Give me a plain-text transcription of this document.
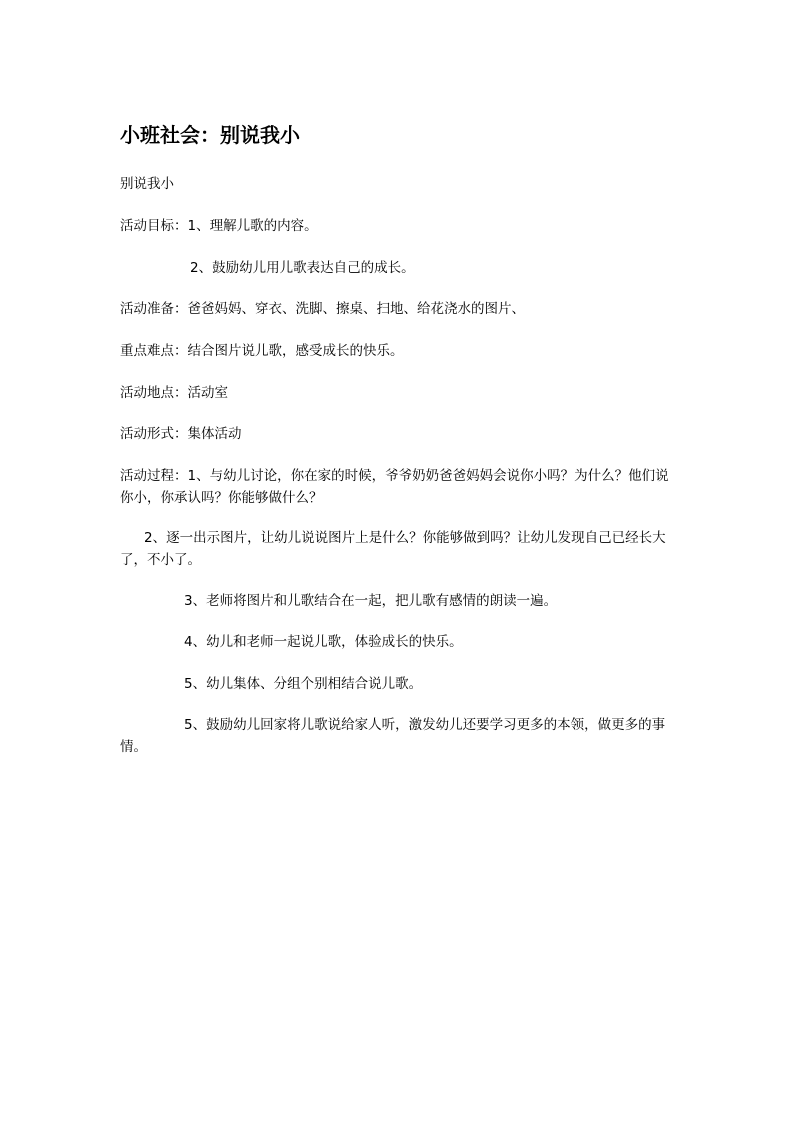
小班社会：别说我小
别说我小
活动目标：1、理解儿歌的内容。
2、鼓励幼儿用儿歌表达自己的成长。
活动准备：爸爸妈妈、穿衣、洗脚、擦桌、扫地、给花浇水的图片、
重点难点：结合图片说儿歌，感受成长的快乐。
活动地点：活动室
活动形式：集体活动
活动过程：1、与幼儿讨论，你在家的时候，爷爷奶奶爸爸妈妈会说你小吗？为什么？他们说你小，你承认吗？你能够做什么？
2、逐一出示图片，让幼儿说说图片上是什么？你能够做到吗？让幼儿发现自己已经长大了，不小了。
3、老师将图片和儿歌结合在一起，把儿歌有感情的朗读一遍。
4、幼儿和老师一起说儿歌，体验成长的快乐。
5、幼儿集体、分组个别相结合说儿歌。
5、鼓励幼儿回家将儿歌说给家人听，激发幼儿还要学习更多的本领，做更多的事情。
